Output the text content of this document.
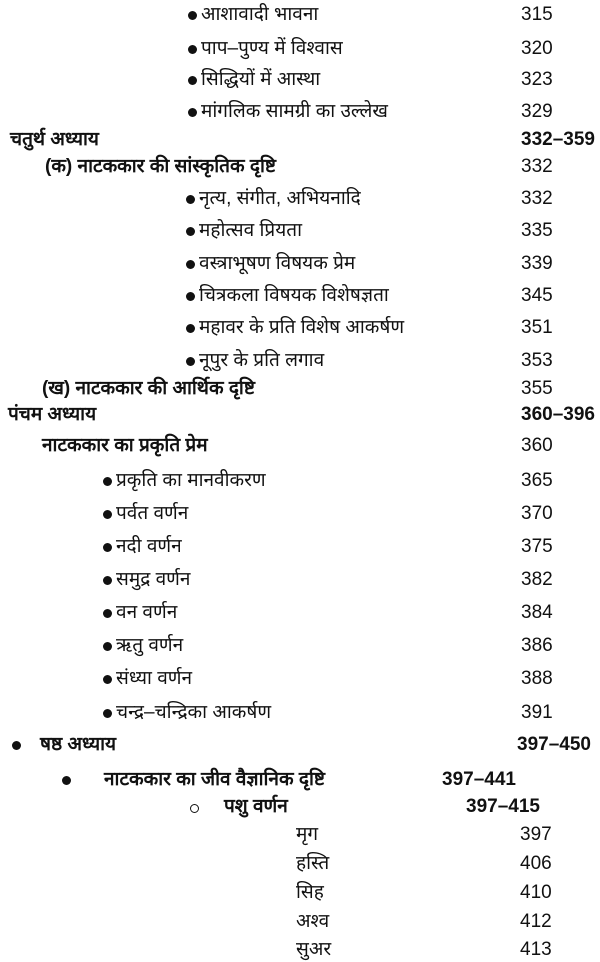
आशावादी भावना	315
पाप–पुण्य में विश्वास	320
सिद्धियों में आस्था	323
मांगलिक सामग्री का उल्लेख	329
चतुर्थ अध्याय	332–359
(क) नाटककार की सांस्कृतिक दृष्टि	332
नृत्य, संगीत, अभियनादि	332
महोत्सव प्रियता	335
वस्त्राभूषण विषयक प्रेम	339
चित्रकला विषयक विशेषज्ञता	345
महावर के प्रति विशेष आकर्षण	351
नूपुर के प्रति लगाव	353
(ख) नाटककार की आर्थिक दृष्टि	355
पंचम अध्याय	360–396
नाटककार का प्रकृति प्रेम	360
प्रकृति का मानवीकरण	365
पर्वत वर्णन	370
नदी वर्णन	375
समुद्र वर्णन	382
वन वर्णन	384
ऋतु वर्णन	386
संध्या वर्णन	388
चन्द्र–चन्द्रिका आकर्षण	391
षष्ठ अध्याय	397–450
नाटककार का जीव वैज्ञानिक दृष्टि	397–441
पशु वर्णन	397–415
मृग	397
हस्ति	406
सिह	410
अश्व	412
सुअर	413
